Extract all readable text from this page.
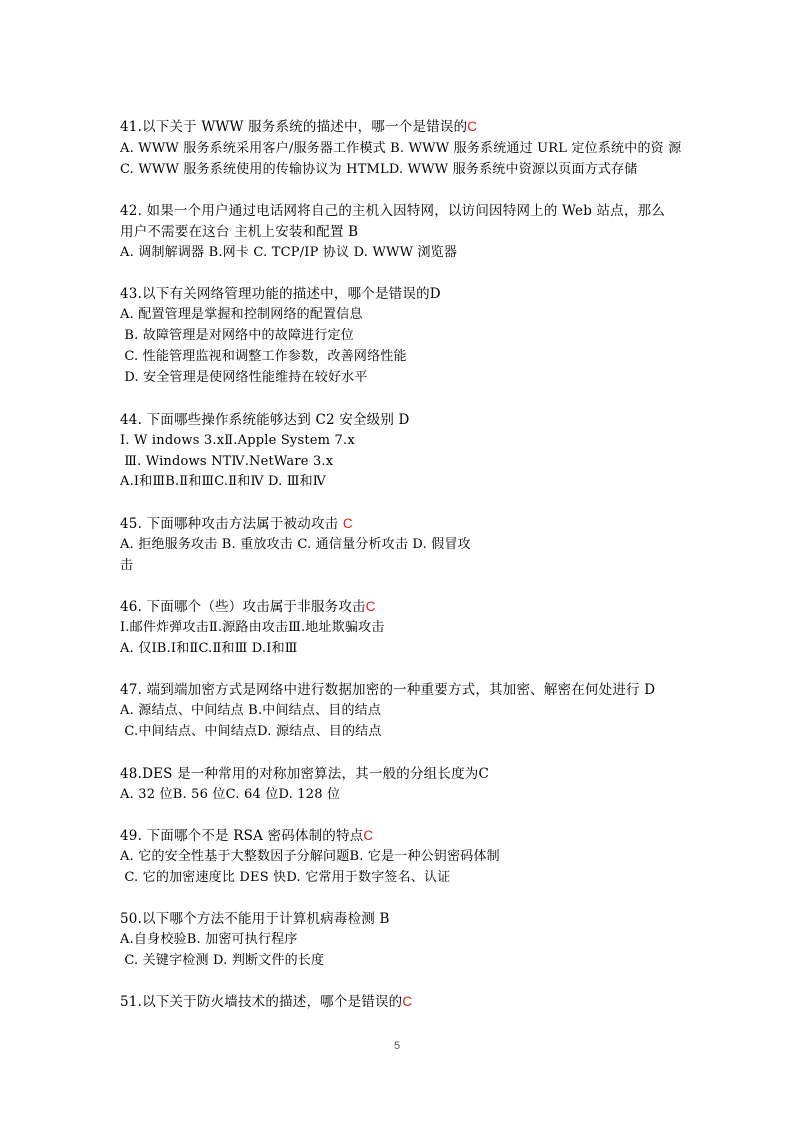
41.以下关于 WWW 服务系统的描述中，哪一个是错误的C
A. WWW 服务系统采用客户/服务器工作模式 B. WWW 服务系统通过 URL 定位系统中的资 源
C. WWW 服务系统使用的传输协议为 HTMLD. WWW 服务系统中资源以页面方式存储
42. 如果一个用户通过电话网将自己的主机入因特网，以访问因特网上的 Web 站点，那么
用户不需要在这台 主机上安装和配置 B
A. 调制解调器 B.网卡 C. TCP/IP 协议 D. WWW 浏览器
43.以下有关网络管理功能的描述中，哪个是错误的D
A. 配置管理是掌握和控制网络的配置信息
B. 故障管理是对网络中的故障进行定位
C. 性能管理监视和调整工作参数，改善网络性能
D. 安全管理是使网络性能维持在较好水平
44. 下面哪些操作系统能够达到 C2 安全级别 D
Ⅰ. W indows 3.xⅡ.Apple System 7.x
Ⅲ. Windows NTⅣ.NetWare 3.x
A.Ⅰ和ⅢB.Ⅱ和ⅢC.Ⅱ和Ⅳ D. Ⅲ和Ⅳ
45. 下面哪种攻击方法属于被动攻击 C
A. 拒绝服务攻击 B. 重放攻击 C. 通信量分析攻击 D. 假冒攻
击
46. 下面哪个（些）攻击属于非服务攻击C
Ⅰ.邮件炸弹攻击Ⅱ.源路由攻击Ⅲ.地址欺骗攻击
A. 仅ⅠB.Ⅰ和ⅡC.Ⅱ和Ⅲ D.Ⅰ和Ⅲ
47. 端到端加密方式是网络中进行数据加密的一种重要方式，其加密、解密在何处进行 D
A. 源结点、中间结点 B.中间结点、目的结点
C.中间结点、中间结点D. 源结点、目的结点
48.DES 是一种常用的对称加密算法，其一般的分组长度为C
A. 32 位B. 56 位C. 64 位D. 128 位
49. 下面哪个不是 RSA 密码体制的特点C
A. 它的安全性基于大整数因子分解问题B. 它是一种公钥密码体制
C. 它的加密速度比 DES 快D. 它常用于数字签名、认证
50.以下哪个方法不能用于计算机病毒检测 B
A.自身校验B. 加密可执行程序
C. 关键字检测 D. 判断文件的长度
51.以下关于防火墙技术的描述，哪个是错误的C
5
